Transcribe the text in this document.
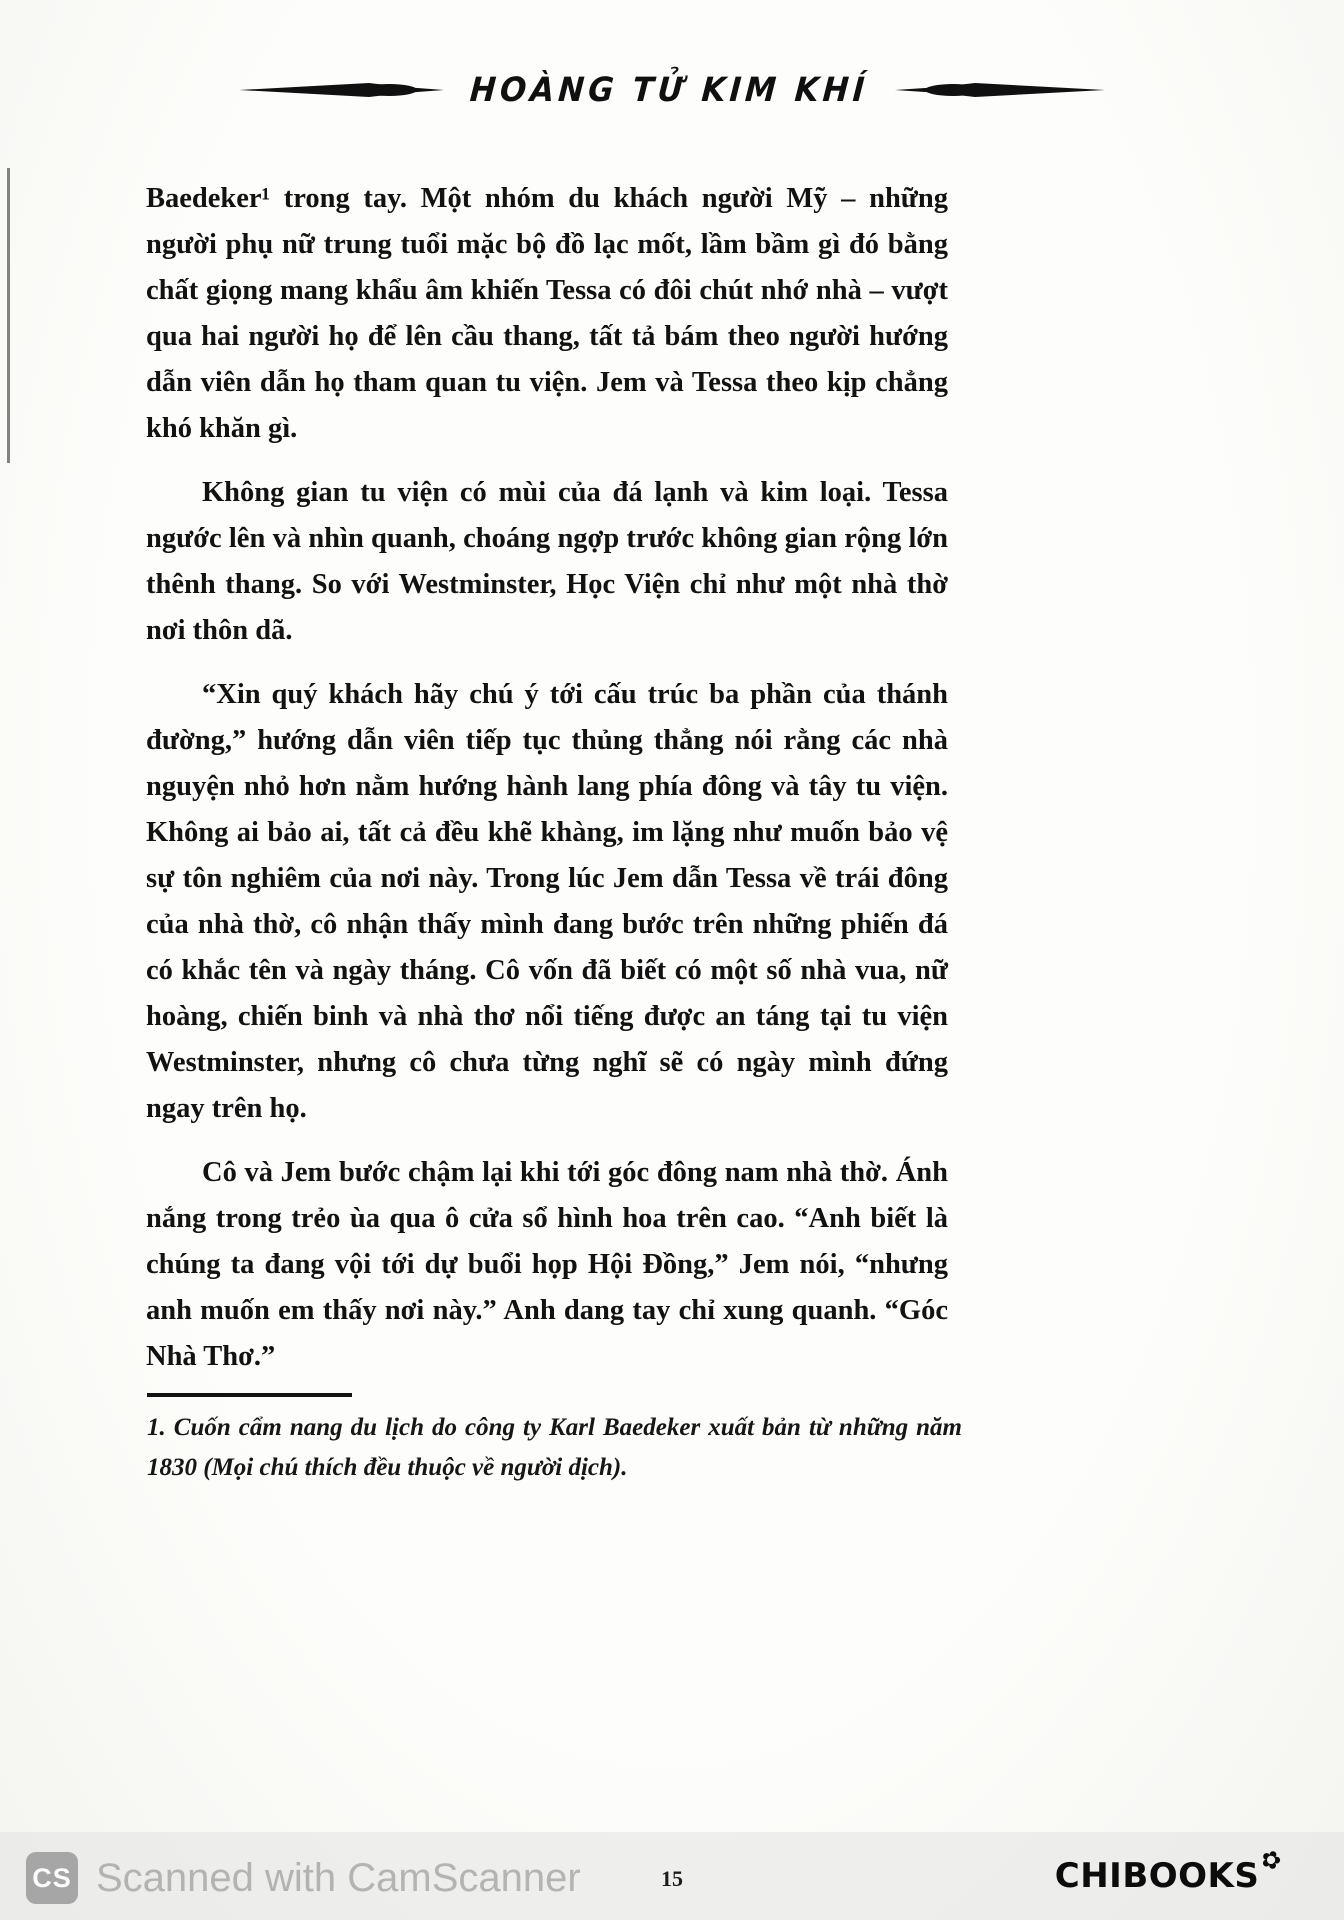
HOÀNG TỬ KIM KHÍ

Baedeker¹ trong tay. Một nhóm du khách người Mỹ – những người phụ nữ trung tuổi mặc bộ đồ lạc mốt, lầm bầm gì đó bằng chất giọng mang khẩu âm khiến Tessa có đôi chút nhớ nhà – vượt qua hai người họ để lên cầu thang, tất tả bám theo người hướng dẫn viên dẫn họ tham quan tu viện. Jem và Tessa theo kịp chẳng khó khăn gì.

Không gian tu viện có mùi của đá lạnh và kim loại. Tessa ngước lên và nhìn quanh, choáng ngợp trước không gian rộng lớn thênh thang. So với Westminster, Học Viện chỉ như một nhà thờ nơi thôn dã.

“Xin quý khách hãy chú ý tới cấu trúc ba phần của thánh đường,” hướng dẫn viên tiếp tục thủng thẳng nói rằng các nhà nguyện nhỏ hơn nằm hướng hành lang phía đông và tây tu viện. Không ai bảo ai, tất cả đều khẽ khàng, im lặng như muốn bảo vệ sự tôn nghiêm của nơi này. Trong lúc Jem dẫn Tessa về trái đông của nhà thờ, cô nhận thấy mình đang bước trên những phiến đá có khắc tên và ngày tháng. Cô vốn đã biết có một số nhà vua, nữ hoàng, chiến binh và nhà thơ nổi tiếng được an táng tại tu viện Westminster, nhưng cô chưa từng nghĩ sẽ có ngày mình đứng ngay trên họ.

Cô và Jem bước chậm lại khi tới góc đông nam nhà thờ. Ánh nắng trong trẻo ùa qua ô cửa sổ hình hoa trên cao. “Anh biết là chúng ta đang vội tới dự buổi họp Hội Đồng,” Jem nói, “nhưng anh muốn em thấy nơi này.” Anh dang tay chỉ xung quanh. “Góc Nhà Thơ.”

1. Cuốn cẩm nang du lịch do công ty Karl Baedeker xuất bản từ những năm 1830 (Mọi chú thích đều thuộc về người dịch).
15
CS Scanned with CamScanner	CHIBOOKS
✿
